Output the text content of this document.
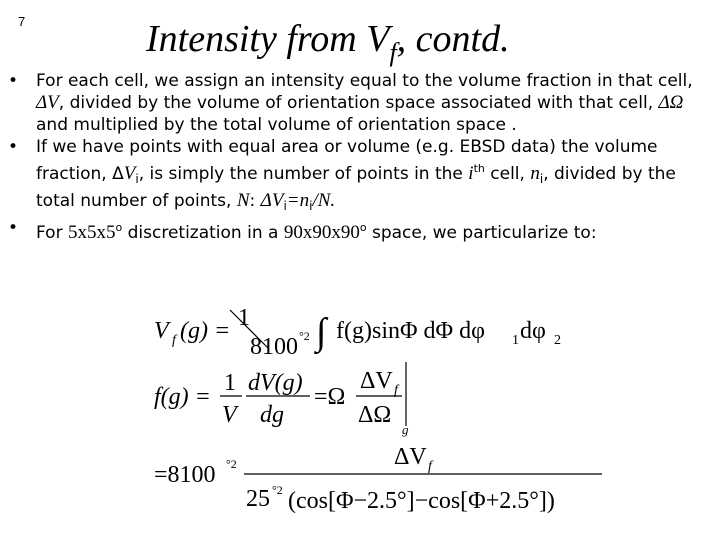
7	Intensity from $V_f$, contd.
• For each cell, we assign an intensity equal to the volume fraction in that cell, ΔV, divided by the volume of orientation space associated with that cell, ΔΩ and multiplied by the total volume of orientation space .
• If we have points with equal area or volume (e.g. EBSD data) the volume fraction, $\Delta V_i$, is simply the number of points in the $i^{th}$ cell, $n_i$, divided by the total number of points, N: $\Delta V_i=n_i/N$.
• For 5x5x5$^o$ discretization in a 90x90x90$^o$ space, we particularize to:
V f (g) = 1
8100 °2 ∫ f(g)sinΦ dΦ dφ 1 dφ 2
f(g) =
1
V
dV(g)
dg
=Ω
ΔV f
ΔΩ
g
=8100 °2	ΔV f
25 °2 (cos[Φ−2.5°]−cos[Φ+2.5°])
